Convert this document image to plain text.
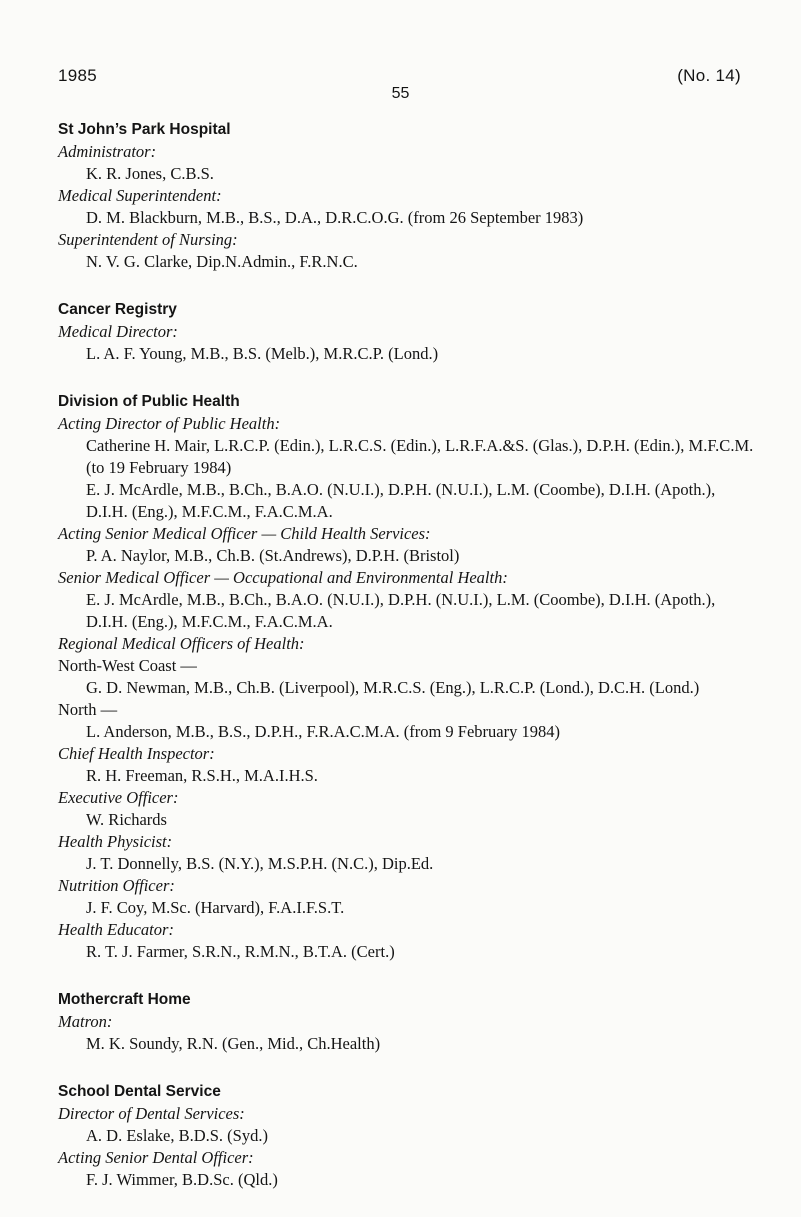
1985	(No. 14)
55
St John’s Park Hospital
Administrator:
K. R. Jones, C.B.S.
Medical Superintendent:
D. M. Blackburn, M.B., B.S., D.A., D.R.C.O.G. (from 26 September 1983)
Superintendent of Nursing:
N. V. G. Clarke, Dip.N.Admin., F.R.N.C.
Cancer Registry
Medical Director:
L. A. F. Young, M.B., B.S. (Melb.), M.R.C.P. (Lond.)
Division of Public Health
Acting Director of Public Health:
Catherine H. Mair, L.R.C.P. (Edin.), L.R.C.S. (Edin.), L.R.F.A.&S. (Glas.), D.P.H. (Edin.), M.F.C.M.
(to 19 February 1984)
E. J. McArdle, M.B., B.Ch., B.A.O. (N.U.I.), D.P.H. (N.U.I.), L.M. (Coombe), D.I.H. (Apoth.),
D.I.H. (Eng.), M.F.C.M., F.A.C.M.A.
Acting Senior Medical Officer — Child Health Services:
P. A. Naylor, M.B., Ch.B. (St.Andrews), D.P.H. (Bristol)
Senior Medical Officer — Occupational and Environmental Health:
E. J. McArdle, M.B., B.Ch., B.A.O. (N.U.I.), D.P.H. (N.U.I.), L.M. (Coombe), D.I.H. (Apoth.),
D.I.H. (Eng.), M.F.C.M., F.A.C.M.A.
Regional Medical Officers of Health:
North-West Coast —
G. D. Newman, M.B., Ch.B. (Liverpool), M.R.C.S. (Eng.), L.R.C.P. (Lond.), D.C.H. (Lond.)
North —
L. Anderson, M.B., B.S., D.P.H., F.R.A.C.M.A. (from 9 February 1984)
Chief Health Inspector:
R. H. Freeman, R.S.H., M.A.I.H.S.
Executive Officer:
W. Richards
Health Physicist:
J. T. Donnelly, B.S. (N.Y.), M.S.P.H. (N.C.), Dip.Ed.
Nutrition Officer:
J. F. Coy, M.Sc. (Harvard), F.A.I.F.S.T.
Health Educator:
R. T. J. Farmer, S.R.N., R.M.N., B.T.A. (Cert.)
Mothercraft Home
Matron:
M. K. Soundy, R.N. (Gen., Mid., Ch.Health)
School Dental Service
Director of Dental Services:
A. D. Eslake, B.D.S. (Syd.)
Acting Senior Dental Officer:
F. J. Wimmer, B.D.Sc. (Qld.)
